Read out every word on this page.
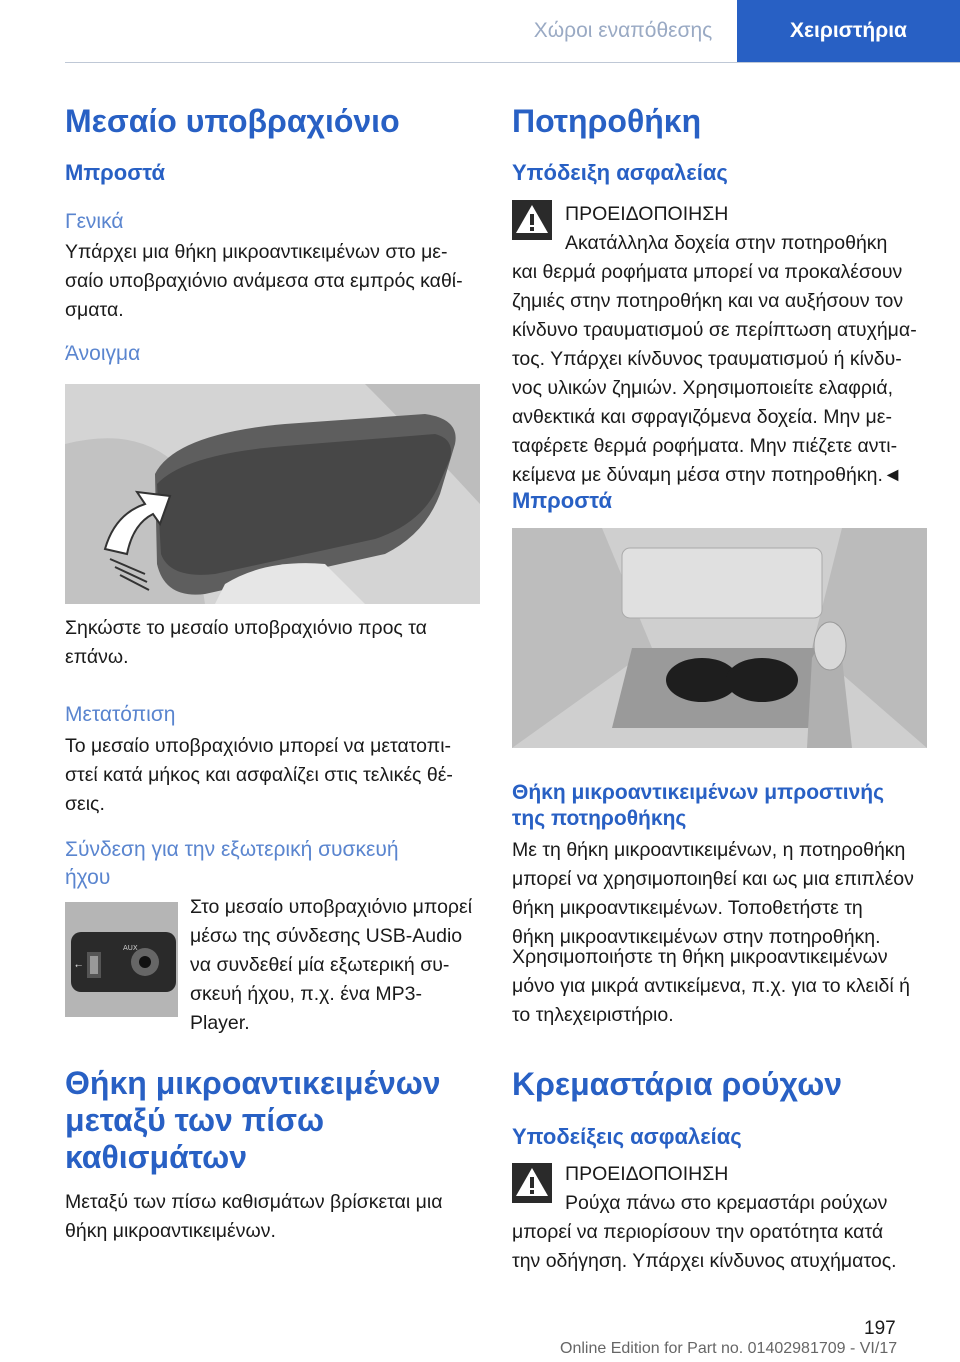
Χώροι εναπόθεσης	Χειριστήρια
Μεσαίο υποβραχιόνιο
Μπροστά
Γενικά
Υπάρχει μια θήκη μικροαντικειμένων στο με‐
σαίο υποβραχιόνιο ανάμεσα στα εμπρός καθί‐
σματα.
Άνοιγμα
Σηκώστε το μεσαίο υποβραχιόνιο προς τα
επάνω.
Μετατόπιση
Το μεσαίο υποβραχιόνιο μπορεί να μετατοπι‐
στεί κατά μήκος και ασφαλίζει στις τελικές θέ‐
σεις.
Σύνδεση για την εξωτερική συσκευή
ήχου
AUX
⭠
Στο μεσαίο υποβραχιόνιο μπορεί
μέσω της σύνδεσης USB-Audio
να συνδεθεί μία εξωτερική συ‐
σκευή ήχου, π.χ. ένα MP3-
Player.
Θήκη μικροαντικειμένων
μεταξύ των πίσω
καθισμάτων
Μεταξύ των πίσω καθισμάτων βρίσκεται μια
θήκη μικροαντικειμένων.
Ποτηροθήκη
Υπόδειξη ασφαλείας
ΠΡΟΕΙΔΟΠΟΙΗΣΗ
Ακατάλληλα δοχεία στην ποτηροθήκη
και θερμά ροφήματα μπορεί να προκαλέσουν
ζημιές στην ποτηροθήκη και να αυξήσουν τον
κίνδυνο τραυματισμού σε περίπτωση ατυχήμα‐
τος. Υπάρχει κίνδυνος τραυματισμού ή κίνδυ‐
νος υλικών ζημιών. Χρησιμοποιείτε ελαφριά,
ανθεκτικά και σφραγιζόμενα δοχεία. Μην με‐
ταφέρετε θερμά ροφήματα. Μην πιέζετε αντι‐
κείμενα με δύναμη μέσα στην ποτηροθήκη.◄
Μπροστά
Θήκη μικροαντικειμένων μπροστινής
της ποτηροθήκης
Με τη θήκη μικροαντικειμένων, η ποτηροθήκη
μπορεί να χρησιμοποιηθεί και ως μια επιπλέον
θήκη μικροαντικειμένων. Τοποθετήστε τη
θήκη μικροαντικειμένων στην ποτηροθήκη.
Χρησιμοποιήστε τη θήκη μικροαντικειμένων
μόνο για μικρά αντικείμενα, π.χ. για το κλειδί ή
το τηλεχειριστήριο.
Κρεμαστάρια ρούχων
Υποδείξεις ασφαλείας
ΠΡΟΕΙΔΟΠΟΙΗΣΗ
Ρούχα πάνω στο κρεμαστάρι ρούχων
μπορεί να περιορίσουν την ορατότητα κατά
την οδήγηση. Υπάρχει κίνδυνος ατυχήματος.
197
Online Edition for Part no. 01402981709 - VI/17
